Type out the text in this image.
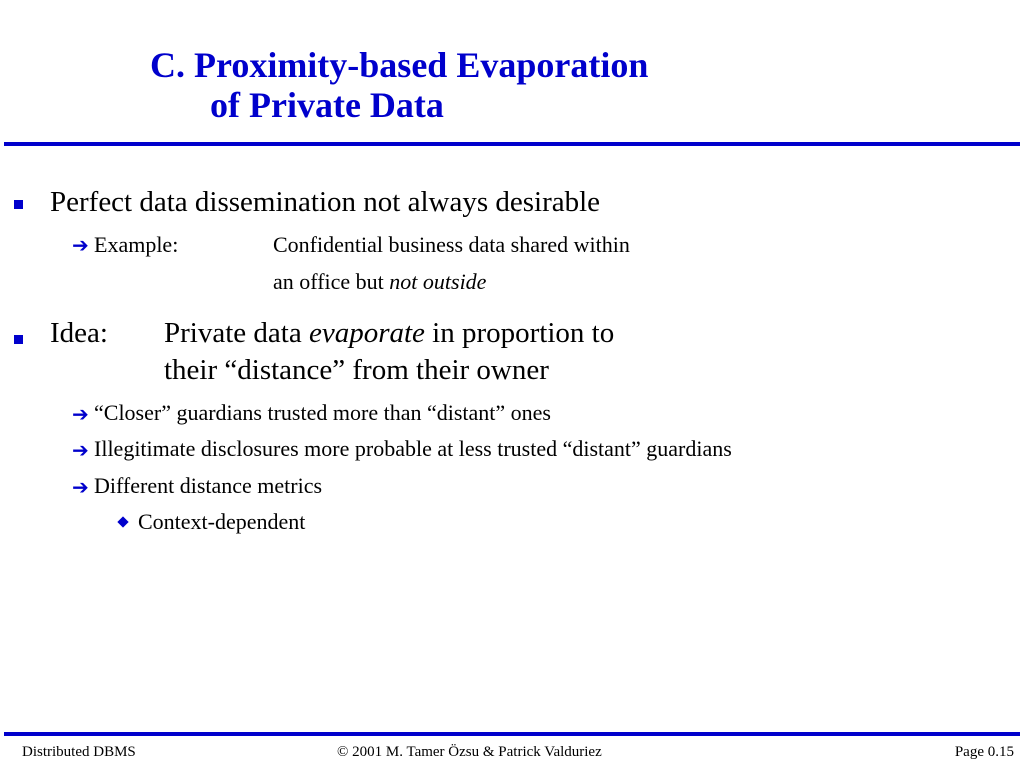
C. Proximity-based Evaporation
of Private Data
Perfect data dissemination not always desirable
➔ Example:	Confidential business data shared within
an office but not outside
Idea: Private data evaporate in proportion to
their “distance” from their owner
➔ “Closer” guardians trusted more than “distant” ones
➔ Illegitimate disclosures more probable at less trusted “distant” guardians
➔ Different distance metrics
Context-dependent
Distributed DBMS	© 2001 M. Tamer Özsu & Patrick Valduriez	Page 0.15
